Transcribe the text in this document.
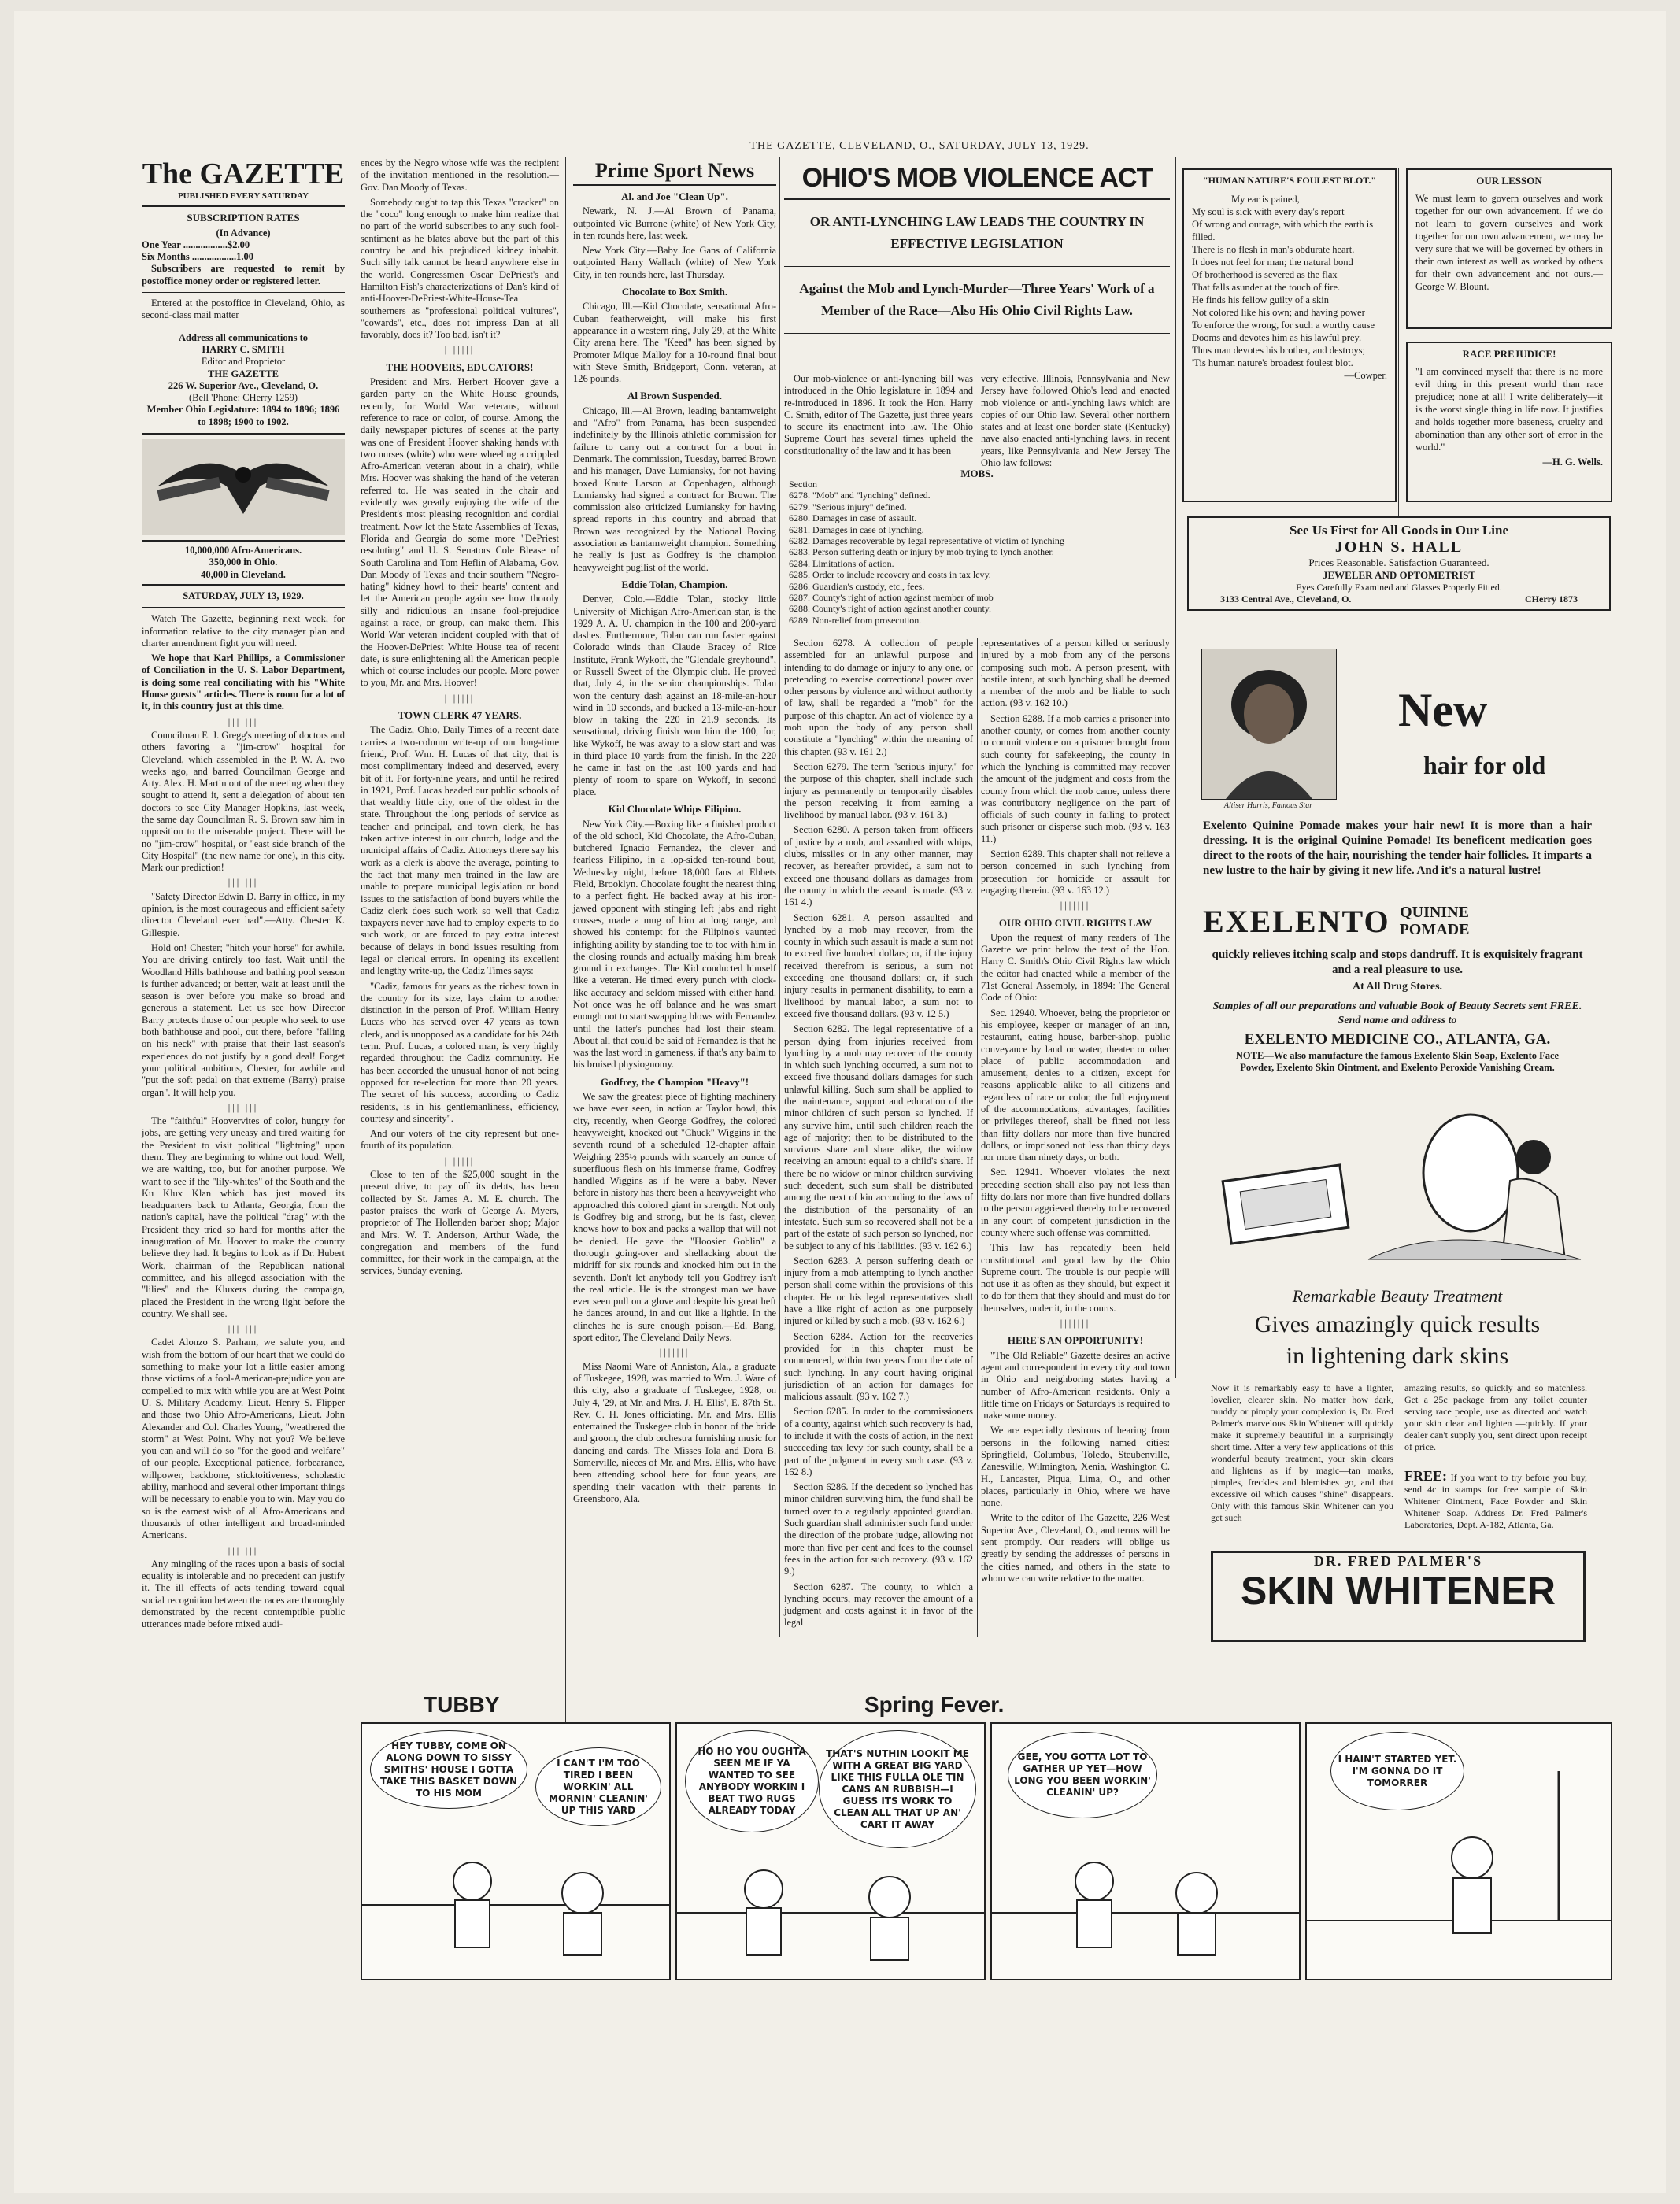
THE GAZETTE, CLEVELAND, O., SATURDAY, JULY 13, 1929.
The GAZETTE
PUBLISHED EVERY SATURDAY
SUBSCRIPTION RATES
(In Advance)
One Year ..................$2.00
Six Months ..................1.00

Subscribers are requested to remit by postoffice money order or registered letter.

Entered at the postoffice in Cleveland, Ohio, as second-class mail matter

Address all communications to
HARRY C. SMITH
Editor and Proprietor
THE GAZETTE
226 W. Superior Ave., Cleveland, O.
(Bell 'Phone: CHerry 1259)
Member Ohio Legislature: 1894 to 1896; 1896 to 1898; 1900 to 1902.
10,000,000 Afro-Americans.
350,000 in Ohio.
40,000 in Cleveland.
SATURDAY, JULY 13, 1929.

Watch The Gazette, beginning next week, for information relative to the city manager plan and charter amendment fight you will need.

We hope that Karl Phillips, a Commissioner of Conciliation in the U. S. Labor Department, is doing some real conciliating with his "White House guests" articles. There is room for a lot of it, in this country just at this time.

|||||||

Councilman E. J. Gregg's meeting of doctors and others favoring a "jim-crow" hospital for Cleveland, which assembled in the P. W. A. two weeks ago, and barred Councilman George and Atty. Alex. H. Martin out of the meeting when they sought to attend it, sent a delegation of about ten doctors to see City Manager Hopkins, last week, the same day Councilman R. S. Brown saw him in opposition to the miserable project. There will be no "jim-crow" hospital, or "east side branch of the City Hospital" (the new name for one), in this city. Mark our prediction!

|||||||

"Safety Director Edwin D. Barry in office, in my opinion, is the most courageous and efficient safety director Cleveland ever had".—Atty. Chester K. Gillespie.

Hold on! Chester; "hitch your horse" for awhile. You are driving entirely too fast. Wait until the Woodland Hills bathhouse and bathing pool season is further advanced; or better, wait at least until the season is over before you make so broad and generous a statement. Let us see how Director Barry protects those of our people who seek to use both bathhouse and pool, out there, before "falling on his neck" with praise that their last season's experiences do not justify by a good deal! Forget your political ambitions, Chester, for awhile and "put the soft pedal on that extreme (Barry) praise organ". It will help you.

|||||||

The "faithful" Hoovervites of color, hungry for jobs, are getting very uneasy and tired waiting for the President to visit political "lightning" upon them. They are beginning to whine out loud. Well, we are waiting, too, but for another purpose. We want to see if the "lily-whites" of the South and the Ku Klux Klan which has just moved its headquarters back to Atlanta, Georgia, from the nation's capital, have the political "drag" with the President they tried so hard for months after the inauguration of Mr. Hoover to make the country believe they had. It begins to look as if Dr. Hubert Work, chairman of the Republican national committee, and his alleged association with the "lilies" and the Kluxers during the campaign, placed the President in the wrong light before the country. We shall see.

|||||||

Cadet Alonzo S. Parham, we salute you, and wish from the bottom of our heart that we could do something to make your lot a little easier among those victims of a fool-American-prejudice you are compelled to mix with while you are at West Point U. S. Military Academy. Lieut. Henry S. Flipper and those two Ohio Afro-Americans, Lieut. John Alexander and Col. Charles Young, "weathered the storm" at West Point. Why not you? We believe you can and will do so "for the good and welfare" of our people. Exceptional patience, forbearance, willpower, backbone, sticktoitiveness, scholastic ability, manhood and several other important things will be necessary to enable you to win. May you do so is the earnest wish of all Afro-Americans and thousands of other intelligent and broad-minded Americans.

|||||||

Any mingling of the races upon a basis of social equality is intolerable and no precedent can justify it. The ill effects of acts tending toward equal social recognition between the races are thoroughly demonstrated by the recent contemptible public utterances made before mixed audi-

ences by the Negro whose wife was the recipient of the invitation mentioned in the resolution.—Gov. Dan Moody of Texas.

Somebody ought to tap this Texas "cracker" on the "coco" long enough to make him realize that no part of the world subscribes to any such fool-sentiment as he blates above but the part of this country he and his prejudiced kidney inhabit. Such silly talk cannot be heard anywhere else in the world. Congressmen Oscar DePriest's and Hamilton Fish's characterizations of Dan's kind of anti-Hoover-DePriest-White-House-Tea southerners as "professional political vultures", "cowards", etc., does not impress Dan at all favorably, does it? Too bad, isn't it?

|||||||
THE HOOVERS, EDUCATORS!

President and Mrs. Herbert Hoover gave a garden party on the White House grounds, recently, for World War veterans, without reference to race or color, of course. Among the daily newspaper pictures of scenes at the party was one of President Hoover shaking hands with two nurses (white) who were wheeling a crippled Afro-American veteran about in a chair), while Mrs. Hoover was shaking the hand of the veteran referred to. He was seated in the chair and evidently was greatly enjoying the wife of the President's most pleasing recognition and cordial treatment. Now let the State Assemblies of Texas, Florida and Georgia do some more "DePriest resoluting" and U. S. Senators Cole Blease of South Carolina and Tom Heflin of Alabama, Gov. Dan Moody of Texas and their southern "Negro-hating" kidney howl to their hearts' content and let the American people again see how thoroly silly and ridiculous an insane fool-prejudice against a race, or group, can make them. This World War veteran incident coupled with that of the Hoover-DePriest White House tea of recent date, is sure enlightening all the American people which of course includes our people. More power to you, Mr. and Mrs. Hoover!

|||||||
TOWN CLERK 47 YEARS.

The Cadiz, Ohio, Daily Times of a recent date carries a two-column write-up of our long-time friend, Prof. Wm. H. Lucas of that city, that is most complimentary indeed and deserved, every bit of it. For forty-nine years, and until he retired in 1921, Prof. Lucas headed our public schools of that wealthy little city, one of the oldest in the state. Throughout the long periods of service as teacher and principal, and town clerk, he has taken active interest in our church, lodge and the municipal affairs of Cadiz. Attorneys there say his work as a clerk is above the average, pointing to the fact that many men trained in the law are unable to prepare municipal legislation or bond issues to the satisfaction of bond buyers while the Cadiz clerk does such work so well that Cadiz taxpayers never have had to employ experts to do such work, or are forced to pay extra interest because of delays in bond issues resulting from legal or clerical errors. In opening its excellent and lengthy write-up, the Cadiz Times says:

"Cadiz, famous for years as the richest town in the country for its size, lays claim to another distinction in the person of Prof. William Henry Lucas who has served over 47 years as town clerk, and is unopposed as a candidate for his 24th term. Prof. Lucas, a colored man, is very highly regarded throughout the Cadiz community. He has been accorded the unusual honor of not being opposed for re-election for more than 20 years. The secret of his success, according to Cadiz residents, is in his gentlemanliness, efficiency, courtesy and sincerity".

And our voters of the city represent but one-fourth of its population.

|||||||

Close to ten of the $25,000 sought in the present drive, to pay off its debts, has been collected by St. James A. M. E. church. The pastor praises the work of George A. Myers, proprietor of The Hollenden barber shop; Major and Mrs. W. T. Anderson, Arthur Wade, the congregation and members of the fund committee, for their work in the campaign, at the services, Sunday evening.

Prime Sport News
Al. and Joe "Clean Up".

Newark, N. J.—Al Brown of Panama, outpointed Vic Burrone (white) of New York City, in ten rounds here, last week.

New York City.—Baby Joe Gans of California outpointed Harry Wallach (white) of New York City, in ten rounds here, last Thursday.

Chocolate to Box Smith.

Chicago, Ill.—Kid Chocolate, sensational Afro-Cuban featherweight, will make his first appearance in a western ring, July 29, at the White City arena here. The "Keed" has been signed by Promoter Mique Malloy for a 10-round final bout with Steve Smith, Bridgeport, Conn. veteran, at 126 pounds.

Al Brown Suspended.

Chicago, Ill.—Al Brown, leading bantamweight and "Afro" from Panama, has been suspended indefinitely by the Illinois athletic commission for failure to carry out a contract for a bout in Denmark. The commission, Tuesday, barred Brown and his manager, Dave Lumiansky, for not having boxed Knute Larson at Copenhagen, although Lumiansky had signed a contract for Brown. The commission also criticized Lumiansky for having spread reports in this country and abroad that Brown was recognized by the National Boxing association as bantamweight champion. Something he really is just as Godfrey is the champion heavyweight pugilist of the world.

Eddie Tolan, Champion.

Denver, Colo.—Eddie Tolan, stocky little University of Michigan Afro-American star, is the 1929 A. A. U. champion in the 100 and 200-yard dashes. Furthermore, Tolan can run faster against Colorado winds than Claude Bracey of Rice Institute, Frank Wykoff, the "Glendale greyhound", or Russell Sweet of the Olympic club. He proved that, July 4, in the senior championships. Tolan won the century dash against an 18-mile-an-hour wind in 10 seconds, and bucked a 13-mile-an-hour blow in taking the 220 in 21.9 seconds. Its sensational, driving finish won him the 100, for, like Wykoff, he was away to a slow start and was in third place 10 yards from the finish. In the 220 he came in fast on the last 100 yards and had plenty of room to spare on Wykoff, in second place.

Kid Chocolate Whips Filipino.

New York City.—Boxing like a finished product of the old school, Kid Chocolate, the Afro-Cuban, butchered Ignacio Fernandez, the clever and fearless Filipino, in a lop-sided ten-round bout, Wednesday night, before 18,000 fans at Ebbets Field, Brooklyn. Chocolate fought the nearest thing to a perfect fight. He backed away at his iron-jawed opponent with stinging left jabs and right crosses, made a mug of him at long range, and showed his contempt for the Filipino's vaunted infighting ability by standing toe to toe with him in the closing rounds and actually making him break ground in exchanges. The Kid conducted himself like a veteran. He timed every punch with clock-like accuracy and seldom missed with either hand. Not once was he off balance and he was smart enough not to start swapping blows with Fernandez until the latter's punches had lost their steam. About all that could be said of Fernandez is that he was the last word in gameness, if that's any balm to his bruised physiognomy.

Godfrey, the Champion "Heavy"!

We saw the greatest piece of fighting machinery we have ever seen, in action at Taylor bowl, this city, recently, when George Godfrey, the colored heavyweight, knocked out "Chuck" Wiggins in the seventh round of a scheduled 12-chapter affair. Weighing 235½ pounds with scarcely an ounce of superfluous flesh on his immense frame, Godfrey handled Wiggins as if he were a baby. Never before in history has there been a heavyweight who approached this colored giant in strength. Not only is Godfrey big and strong, but he is fast, clever, knows how to box and packs a wallop that will not be denied. He gave the "Hoosier Goblin" a thorough going-over and shellacking about the midriff for six rounds and knocked him out in the seventh. Don't let anybody tell you Godfrey isn't the real article. He is the strongest man we have ever seen pull on a glove and despite his great heft he dances around, in and out like a lightie. In the clinches he is sure enough poison.—Ed. Bang, sport editor, The Cleveland Daily News.

|||||||

Miss Naomi Ware of Anniston, Ala., a graduate of Tuskegee, 1928, was married to Wm. J. Ware of this city, also a graduate of Tuskegee, 1928, on July 4, '29, at Mr. and Mrs. J. H. Ellis', E. 87th St., Rev. C. H. Jones officiating. Mr. and Mrs. Ellis entertained the Tuskegee club in honor of the bride and groom, the club orchestra furnishing music for dancing and cards. The Misses Iola and Dora B. Somerville, nieces of Mr. and Mrs. Ellis, who have been attending school here for four years, are spending their vacation with their parents in Greensboro, Ala.

OHIO'S MOB VIOLENCE ACT
OR ANTI-LYNCHING LAW LEADS THE COUNTRY IN EFFECTIVE LEGISLATION
Against the Mob and Lynch-Murder—Three Years' Work of a Member of the Race—Also His Ohio Civil Rights Law.

Our mob-violence or anti-lynching bill was introduced in the Ohio legislature in 1894 and re-introduced in 1896. It took the Hon. Harry C. Smith, editor of The Gazette, just three years to secure its enactment into law. The Ohio Supreme Court has several times upheld the constitutionality of the law and it has been

very effective. Illinois, Pennsylvania and New Jersey have followed Ohio's lead and enacted mob violence or anti-lynching laws which are copies of our Ohio law. Several other northern states and at least one border state (Kentucky) have also enacted anti-lynching laws, in recent years, like Pennsylvania and New Jersey The Ohio law follows:

MOBS.
Section
6278. "Mob" and "lynching" defined.
6279. "Serious injury" defined.
6280. Damages in case of assault.
6281. Damages in case of lynching.
6282. Damages recoverable by legal representative of victim of lynching
6283. Person suffering death or injury by mob trying to lynch another.
6284. Limitations of action.
6285. Order to include recovery and costs in tax levy.
6286. Guardian's custody, etc., fees.
6287. County's right of action against member of mob
6288. County's right of action against another county.
6289. Non-relief from prosecution.

Section 6278. A collection of people assembled for an unlawful purpose and intending to do damage or injury to any one, or pretending to exercise correctional power over other persons by violence and without authority of law, shall be regarded a "mob" for the purpose of this chapter. An act of violence by a mob upon the body of any person shall constitute a "lynching" within the meaning of this chapter. (93 v. 161 2.)

Section 6279. The term "serious injury," for the purpose of this chapter, shall include such injury as permanently or temporarily disables the person receiving it from earning a livelihood by manual labor. (93 v. 161 3.)

Section 6280. A person taken from officers of justice by a mob, and assaulted with whips, clubs, missiles or in any other manner, may recover, as hereafter provided, a sum not to exceed one thousand dollars as damages from the county in which the assault is made. (93 v. 161 4.)

Section 6281. A person assaulted and lynched by a mob may recover, from the county in which such assault is made a sum not to exceed five hundred dollars; or, if the injury received therefrom is serious, a sum not exceeding one thousand dollars; or, if such injury results in permanent disability, to earn a livelihood by manual labor, a sum not to exceed five thousand dollars. (93 v. 12 5.)

Section 6282. The legal representative of a person dying from injuries received from lynching by a mob may recover of the county in which such lynching occurred, a sum not to exceed five thousand dollars damages for such unlawful killing. Such sum shall be applied to the maintenance, support and education of the minor children of such person so lynched. If any survive him, until such children reach the age of majority; then to be distributed to the survivors share and share alike, the widow receiving an amount equal to a child's share. If there be no widow or minor children surviving such decedent, such sum shall be distributed among the next of kin according to the laws of the distribution of the personality of an intestate. Such sum so recovered shall not be a part of the estate of such person so lynched, nor be subject to any of his liabilities. (93 v. 162 6.)

Section 6283. A person suffering death or injury from a mob attempting to lynch another person shall come within the provisions of this chapter. He or his legal representatives shall have a like right of action as one purposely injured or killed by such a mob. (93 v. 162 6.)

Section 6284. Action for the recoveries provided for in this chapter must be commenced, within two years from the date of such lynching. In any court having original jurisdiction of an action for damages for malicious assault. (93 v. 162 7.)

Section 6285. In order to the commissioners of a county, against which such recovery is had, to include it with the costs of action, in the next succeeding tax levy for such county, shall be a part of the judgment in every such case. (93 v. 162 8.)

Section 6286. If the decedent so lynched has minor children surviving him, the fund shall be turned over to a regularly appointed guardian. Such guardian shall administer such fund under the direction of the probate judge, allowing not more than five per cent and fees to the counsel fees in the action for such recovery. (93 v. 162 9.)

Section 6287. The county, to which a lynching occurs, may recover the amount of a judgment and costs against it in favor of the legal

representatives of a person killed or seriously injured by a mob from any of the persons composing such mob. A person present, with hostile intent, at such lynching shall be deemed a member of the mob and be liable to such action. (93 v. 162 10.)

Section 6288. If a mob carries a prisoner into another county, or comes from another county to commit violence on a prisoner brought from such county for safekeeping, the county in which the lynching is committed may recover the amount of the judgment and costs from the county from which the mob came, unless there was contributory negligence on the part of officials of such county in failing to protect such prisoner or disperse such mob. (93 v. 163 11.)

Section 6289. This chapter shall not relieve a person concerned in such lynching from prosecution for homicide or assault for engaging therein. (93 v. 163 12.)

|||||||
OUR OHIO CIVIL RIGHTS LAW

Upon the request of many readers of The Gazette we print below the text of the Hon. Harry C. Smith's Ohio Civil Rights law which the editor had enacted while a member of the 71st General Assembly, in 1894: The General Code of Ohio:

Sec. 12940. Whoever, being the proprietor or his employee, keeper or manager of an inn, restaurant, eating house, barber-shop, public conveyance by land or water, theater or other place of public accommodation and amusement, denies to a citizen, except for reasons applicable alike to all citizens and regardless of race or color, the full enjoyment of the accommodations, advantages, facilities or privileges thereof, shall be fined not less than fifty dollars nor more than five hundred dollars, or imprisoned not less than thirty days nor more than ninety days, or both.

Sec. 12941. Whoever violates the next preceding section shall also pay not less than fifty dollars nor more than five hundred dollars to the person aggrieved thereby to be recovered in any court of competent jurisdiction in the county where such offense was committed.

This law has repeatedly been held constitutional and good law by the Ohio Supreme court. The trouble is our people will not use it as often as they should, but expect it to do for them that they should and must do for themselves, under it, in the courts.

|||||||
HERE'S AN OPPORTUNITY!

"The Old Reliable" Gazette desires an active agent and correspondent in every city and town in Ohio and neighboring states having a number of Afro-American residents. Only a little time on Fridays or Saturdays is required to make some money.

We are especially desirous of hearing from persons in the following named cities: Springfield, Columbus, Toledo, Steubenville, Zanesville, Wilmington, Xenia, Washington C. H., Lancaster, Piqua, Lima, O., and other places, particularly in Ohio, where we have none.

Write to the editor of The Gazette, 226 West Superior Ave., Cleveland, O., and terms will be sent promptly. Our readers will oblige us greatly by sending the addresses of persons in the cities named, and others in the state to whom we can write relative to the matter.

"HUMAN NATURE'S FOULEST BLOT."
My ear is pained,
My soul is sick with every day's report
Of wrong and outrage, with which the earth is filled.
There is no flesh in man's obdurate heart.
It does not feel for man; the natural bond
Of brotherhood is severed as the flax
That falls asunder at the touch of fire.
He finds his fellow guilty of a skin
Not colored like his own; and having power
To enforce the wrong, for such a worthy cause
Dooms and devotes him as his lawful prey.
Thus man devotes his brother, and destroys;
'Tis human nature's broadest foulest blot.
—Cowper.
OUR LESSON
We must learn to govern ourselves and work together for our own advancement. If we do not learn to govern ourselves and work together for our own advancement, we may be very sure that we will be governed by others in their own interest as well as worked by others for their own advancement and not ours.—George W. Blount.
RACE PREJUDICE!
"I am convinced myself that there is no more evil thing in this present world than race prejudice; none at all! I write deliberately—it is the worst single thing in life now. It justifies and holds together more baseness, cruelty and abomination than any other sort of error in the world."
—H. G. Wells.
See Us First for All Goods in Our Line
JOHN S. HALL
Prices Reasonable. Satisfaction Guaranteed.
JEWELER AND OPTOMETRIST
Eyes Carefully Examined and Glasses Properly Fitted.
3133 Central Ave., Cleveland, O.	CHerry 1873
Altiser Harris, Famous Star
New
hair for old
Exelento Quinine Pomade makes your hair new! It is more than a hair dressing. It is the original Quinine Pomade! Its beneficent medication goes direct to the roots of the hair, nourishing the tender hair follicles. It imparts a new lustre to the hair by giving it new life. And it's a natural lustre!
EXELENTO QUININE
POMADE
quickly relieves itching scalp and stops dandruff. It is exquisitely fragrant and a real pleasure to use.
At All Drug Stores.
Samples of all our preparations and valuable Book of Beauty Secrets sent FREE. Send name and address to
EXELENTO MEDICINE CO., ATLANTA, GA.
NOTE—We also manufacture the famous Exelento Skin Soap, Exelento Face Powder, Exelento Skin Ointment, and Exelento Peroxide Vanishing Cream.
Remarkable Beauty Treatment
Gives amazingly quick results
in lightening dark skins
Now it is remarkably easy to have a lighter, lovelier, clearer skin. No matter how dark, muddy or pimply your complexion is, Dr. Fred Palmer's marvelous Skin Whitener will quickly make it supremely beautiful in a surprisingly short time. After a very few applications of this wonderful beauty treatment, your skin clears and lightens as if by magic—tan marks, pimples, freckles and blemishes go, and that excessive oil which causes "shine" disappears. Only with this famous Skin Whitener can you get such
amazing results, so quickly and so matchless. Get a 25c package from any toilet counter serving race people, use as directed and watch your skin clear and lighten —quickly. If your dealer can't supply you, sent direct upon receipt of price.
FREE: If you want to try before you buy, send 4c in stamps for free sample of Skin Whitener Ointment, Face Powder and Skin Whitener Soap. Address Dr. Fred Palmer's Laboratories, Dept. A-182, Atlanta, Ga.
DR. FRED PALMER'S
SKIN WHITENER
TUBBY	Spring Fever.
HEY TUBBY, COME ON ALONG DOWN TO SISSY SMITHS' HOUSE I GOTTA TAKE THIS BASKET DOWN TO HIS MOM
I CAN'T I'M TOO TIRED I BEEN WORKIN' ALL MORNIN' CLEANIN' UP THIS YARD
HO HO YOU OUGHTA SEEN ME IF YA WANTED TO SEE ANYBODY WORKIN I BEAT TWO RUGS ALREADY TODAY
THAT'S NUTHIN LOOKIT ME WITH A GREAT BIG YARD LIKE THIS FULLA OLE TIN CANS AN RUBBISH—I GUESS ITS WORK TO CLEAN ALL THAT UP AN' CART IT AWAY
GEE, YOU GOTTA LOT TO GATHER UP YET—HOW LONG YOU BEEN WORKIN' CLEANIN' UP?
I HAIN'T STARTED YET. I'M GONNA DO IT TOMORRER
